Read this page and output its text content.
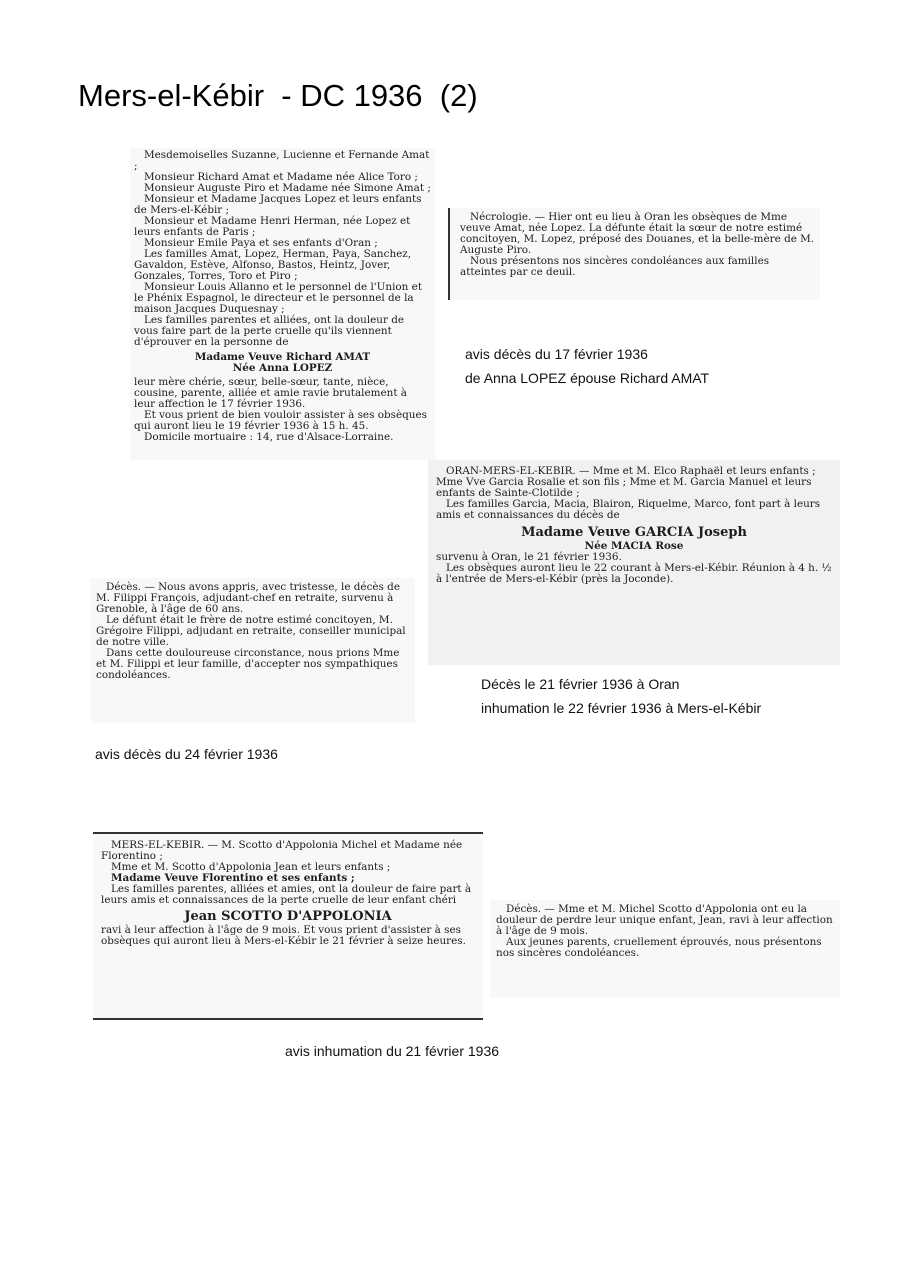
Mers-el-Kébir  - DC 1936  (2)

Mesdemoiselles Suzanne, Lucienne et Fernande Amat ;

Monsieur Richard Amat et Madame née Alice Toro ;

Monsieur Auguste Piro et Madame née Simone Amat ;

Monsieur et Madame Jacques Lopez et leurs enfants de Mers-el-Kébir ;

Monsieur et Madame Henri Herman, née Lopez et leurs enfants de Paris ;

Monsieur Emile Paya et ses enfants d'Oran ;

Les familles Amat, Lopez, Herman, Paya, Sanchez, Gavaldon, Estève, Alfonso, Bastos, Heintz, Jover, Gonzales, Torres, Toro et Piro ;

Monsieur Louis Allanno et le personnel de l'Union et le Phénix Espagnol, le directeur et le personnel de la maison Jacques Duquesnay ;

Les familles parentes et alliées, ont la douleur de vous faire part de la perte cruelle qu'ils viennent d'éprouver en la personne de

Madame Veuve Richard AMAT

Née Anna LOPEZ

leur mère chérie, sœur, belle-sœur, tante, nièce, cousine, parente, alliée et amie ravie brutalement à leur affection le 17 février 1936.

Et vous prient de bien vouloir assister à ses obsèques qui auront lieu le 19 février 1936 à 15 h. 45.

Domicile mortuaire : 14, rue d'Alsace-Lorraine.

Nécrologie. — Hier ont eu lieu à Oran les obsèques de Mme veuve Amat, née Lopez. La défunte était la sœur de notre estimé concitoyen, M. Lopez, préposé des Douanes, et la belle-mère de M. Auguste Piro.

Nous présentons nos sincères condoléances aux familles atteintes par ce deuil.

avis décès du 17 février 1936
de Anna LOPEZ épouse Richard AMAT

ORAN-MERS-EL-KEBIR. — Mme et M. Elco Raphaël et leurs enfants ; Mme Vve Garcia Rosalie et son fils ; Mme et M. Garcia Manuel et leurs enfants de Sainte-Clotilde ;

Les familles Garcia, Macia, Blairon, Riquelme, Marco, font part à leurs amis et connaissances du décès de

Madame Veuve GARCIA Joseph

Née MACIA Rose

survenu à Oran, le 21 février 1936.

Les obsèques auront lieu le 22 courant à Mers-el-Kébir. Réunion à 4 h. ½ à l'entrée de Mers-el-Kébir (près la Joconde).

Décès. — Nous avons appris, avec tristesse, le décès de M. Filippi François, adjudant-chef en retraite, survenu à Grenoble, à l'âge de 60 ans.

Le défunt était le frère de notre estimé concitoyen, M. Grégoire Filippi, adjudant en retraite, conseiller municipal de notre ville.

Dans cette douloureuse circonstance, nous prions Mme et M. Filippi et leur famille, d'accepter nos sympathiques condoléances.

Décès le 21 février 1936 à Oran
inhumation le 22 février 1936 à Mers-el-Kébir
avis décès du 24 février 1936

MERS-EL-KEBIR. — M. Scotto d'Appolonia Michel et Madame née Florentino ;

Mme et M. Scotto d'Appolonia Jean et leurs enfants ;

Madame Veuve Florentino et ses enfants ;

Les familles parentes, alliées et amies, ont la douleur de faire part à leurs amis et connaissances de la perte cruelle de leur enfant chéri

Jean SCOTTO D'APPOLONIA

ravi à leur affection à l'âge de 9 mois. Et vous prient d'assister à ses obsèques qui auront lieu à Mers-el-Kébir le 21 février à seize heures.

Décès. — Mme et M. Michel Scotto d'Appolonia ont eu la douleur de perdre leur unique enfant, Jean, ravi à leur affection à l'âge de 9 mois.

Aux jeunes parents, cruellement éprouvés, nous présentons nos sincères condoléances.

avis inhumation du 21 février 1936
